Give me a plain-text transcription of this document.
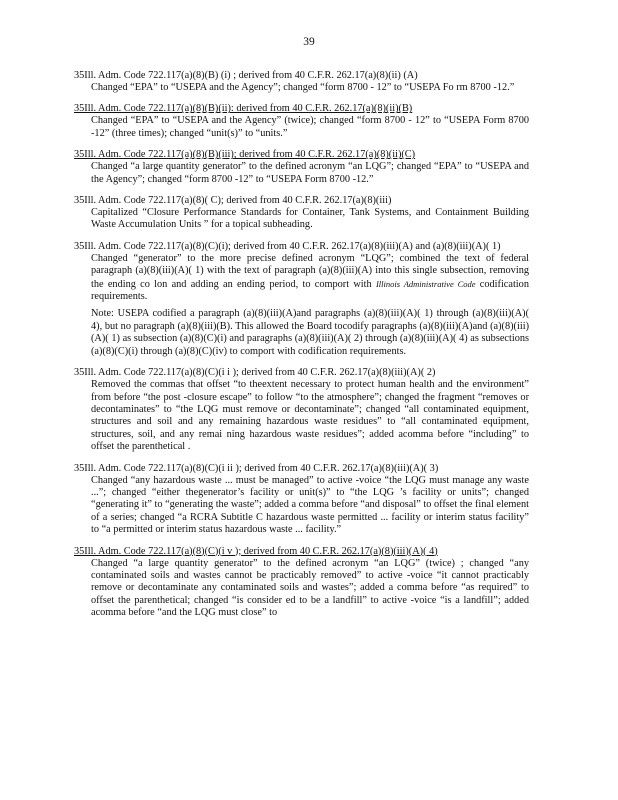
39
35Ill. Adm. Code 722.117(a)(8)(B) (i) ; derived from 40 C.F.R. 262.17(a)(8)(ii) (A)
Changed “EPA” to “USEPA and the Agency”; changed “form 8700 - 12” to “USEPA Fo rm 8700 -12.”
35Ill. Adm. Code 722.117(a)(8)(B)(ii): derived from 40 C.F.R. 262.17(a)(8)(ii)(B)
Changed “EPA” to “USEPA and the Agency” (twice); changed “form 8700 - 12” to “USEPA Form 8700 -12” (three times); changed “unit(s)” to “units.”
35Ill. Adm. Code 722.117(a)(8)(B)(iii); derived from 40 C.F.R. 262.17(a)(8)(ii)(C)
Changed “a large quantity generator” to the defined acronym “an LQG”; changed “EPA” to “USEPA and the Agency”; changed “form 8700 -12” to “USEPA Form 8700 -12.”
35Ill. Adm. Code 722.117(a)(8)( C); derived from 40 C.F.R. 262.17(a)(8)(iii)
Capitalized “Closure Performance Standards for Container, Tank Systems, and Containment Building Waste Accumulation Units ” for a topical subheading.
35Ill. Adm. Code 722.117(a)(8)(C)(i); derived from 40 C.F.R. 262.17(a)(8)(iii)(A) and (a)(8)(iii)(A)( 1)
Changed “generator” to the more precise defined acronym “LQG”; combined the text of federal paragraph (a)(8)(iii)(A)( 1) with the text of paragraph (a)(8)(iii)(A) into this single subsection, removing the ending co lon and adding an ending period, to comport with Illinois Administrative Code codification requirements.
Note: USEPA codified a paragraph (a)(8)(iii)(A)and paragraphs (a)(8)(iii)(A)( 1) through (a)(8)(iii)(A)( 4), but no paragraph (a)(8)(iii)(B). This allowed the Board tocodify paragraphs (a)(8)(iii)(A)and (a)(8)(iii)(A)( 1) as subsection (a)(8)(C)(i) and paragraphs (a)(8)(iii)(A)( 2) through (a)(8)(iii)(A)( 4) as subsections (a)(8)(C)(i) through (a)(8)(C)(iv) to comport with codification requirements.
35Ill. Adm. Code 722.117(a)(8)(C)(i i ); derived from 40 C.F.R. 262.17(a)(8)(iii)(A)( 2)
Removed the commas that offset “to theextent necessary to protect human health and the environment” from before “the post -closure escape” to follow “to the atmosphere”; changed the fragment “removes or decontaminates” to “the LQG must remove or decontaminate”; changed “all contaminated equipment, structures and soil and any remaining hazardous waste residues” to “all contaminated equipment, structures, soil, and any remai ning hazardous waste residues”; added acomma before “including” to offset the parenthetical .
35Ill. Adm. Code 722.117(a)(8)(C)(i ii ); derived from 40 C.F.R. 262.17(a)(8)(iii)(A)( 3)
Changed “any hazardous waste ... must be managed” to active -voice “the LQG must manage any waste ...”; changed “either thegenerator’s facility or unit(s)” to “the LQG ’s facility or units”; changed “generating it” to “generating the waste”; added a comma before “and disposal” to offset the final element of a series; changed “a RCRA Subtitle C hazardous waste permitted ... facility or interim status facility” to “a permitted or interim status hazardous waste ... facility.”
35Ill. Adm. Code 722.117(a)(8)(C)(i v ); derived from 40 C.F.R. 262.17(a)(8)(iii)(A)( 4)
Changed “a large quantity generator” to the defined acronym “an LQG” (twice) ; changed “any contaminated soils and wastes cannot be practicably removed” to active -voice “it cannot practicably remove or decontaminate any contaminated soils and wastes”; added a comma before “as required” to offset the parenthetical; changed “is consider ed to be a landfill” to active -voice “is a landfill”; added acomma before “and the LQG must close” to
